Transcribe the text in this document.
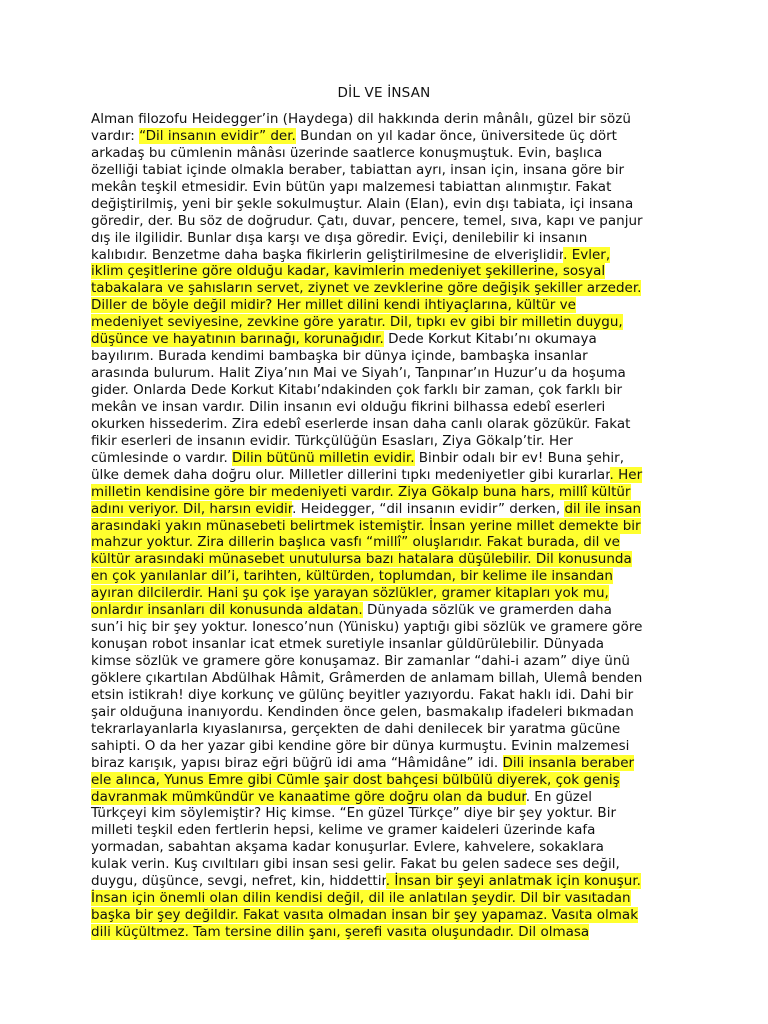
DİL VE İNSAN
Alman filozofu Heidegger’in (Haydega) dil hakkında derin mânâlı, güzel bir sözü
vardır: “Dil insanın evidir” der. Bundan on yıl kadar önce, üniversitede üç dört
arkadaş bu cümlenin mânâsı üzerinde saatlerce konuşmuştuk. Evin, başlıca
özelliği tabiat içinde olmakla beraber, tabiattan ayrı, insan için, insana göre bir
mekân teşkil etmesidir. Evin bütün yapı malzemesi tabiattan alınmıştır. Fakat
değiştirilmiş, yeni bir şekle sokulmuştur. Alain (Elan), evin dışı tabiata, içi insana
göredir, der. Bu söz de doğrudur. Çatı, duvar, pencere, temel, sıva, kapı ve panjur
dış ile ilgilidir. Bunlar dışa karşı ve dışa göredir. Eviçi, denilebilir ki insanın
kalıbıdır. Benzetme daha başka fikirlerin geliştirilmesine de elverişlidir. Evler,
iklim çeşitlerine göre olduğu kadar, kavimlerin medeniyet şekillerine, sosyal
tabakalara ve şahısların servet, ziynet ve zevklerine göre değişik şekiller arzeder.
Diller de böyle değil midir? Her millet dilini kendi ihtiyaçlarına, kültür ve
medeniyet seviyesine, zevkine göre yaratır. Dil, tıpkı ev gibi bir milletin duygu,
düşünce ve hayatının barınağı, korunağıdır. Dede Korkut Kitabı’nı okumaya
bayılırım. Burada kendimi bambaşka bir dünya içinde, bambaşka insanlar
arasında bulurum. Halit Ziya’nın Mai ve Siyah’ı, Tanpınar’ın Huzur’u da hoşuma
gider. Onlarda Dede Korkut Kitabı’ndakinden çok farklı bir zaman, çok farklı bir
mekân ve insan vardır. Dilin insanın evi olduğu fikrini bilhassa edebî eserleri
okurken hissederim. Zira edebî eserlerde insan daha canlı olarak gözükür. Fakat
fikir eserleri de insanın evidir. Türkçülüğün Esasları, Ziya Gökalp’tir. Her
cümlesinde o vardır. Dilin bütünü milletin evidir. Binbir odalı bir ev! Buna şehir,
ülke demek daha doğru olur. Milletler dillerini tıpkı medeniyetler gibi kurarlar. Her
milletin kendisine göre bir medeniyeti vardır. Ziya Gökalp buna hars, millî kültür
adını veriyor. Dil, harsın evidir. Heidegger, “dil insanın evidir” derken, dil ile insan
arasındaki yakın münasebeti belirtmek istemiştir. İnsan yerine millet demekte bir
mahzur yoktur. Zira dillerin başlıca vasfı “millî” oluşlarıdır. Fakat burada, dil ve
kültür arasındaki münasebet unutulursa bazı hatalara düşülebilir. Dil konusunda
en çok yanılanlar dil’i, tarihten, kültürden, toplumdan, bir kelime ile insandan
ayıran dilcilerdir. Hani şu çok işe yarayan sözlükler, gramer kitapları yok mu,
onlardır insanları dil konusunda aldatan. Dünyada sözlük ve gramerden daha
sun’i hiç bir şey yoktur. Ionesco’nun (Yünisku) yaptığı gibi sözlük ve gramere göre
konuşan robot insanlar icat etmek suretiyle insanlar güldürülebilir. Dünyada
kimse sözlük ve gramere göre konuşamaz. Bir zamanlar “dahi-i azam” diye ünü
göklere çıkartılan Abdülhak Hâmit, Grâmerden de anlamam billah, Ulemâ benden
etsin istikrah! diye korkunç ve gülünç beyitler yazıyordu. Fakat haklı idi. Dahi bir
şair olduğuna inanıyordu. Kendinden önce gelen, basmakalıp ifadeleri bıkmadan
tekrarlayanlarla kıyaslanırsa, gerçekten de dahi denilecek bir yaratma gücüne
sahipti. O da her yazar gibi kendine göre bir dünya kurmuştu. Evinin malzemesi
biraz karışık, yapısı biraz eğri büğrü idi ama “Hâmidâne” idi. Dili insanla beraber
ele alınca, Yunus Emre gibi Cümle şair dost bahçesi bülbülü diyerek, çok geniş
davranmak mümkündür ve kanaatime göre doğru olan da budur. En güzel
Türkçeyi kim söylemiştir? Hiç kimse. “En güzel Türkçe” diye bir şey yoktur. Bir
milleti teşkil eden fertlerin hepsi, kelime ve gramer kaideleri üzerinde kafa
yormadan, sabahtan akşama kadar konuşurlar. Evlere, kahvelere, sokaklara
kulak verin. Kuş cıvıltıları gibi insan sesi gelir. Fakat bu gelen sadece ses değil,
duygu, düşünce, sevgi, nefret, kin, hiddettir. İnsan bir şeyi anlatmak için konuşur.
İnsan için önemli olan dilin kendisi değil, dil ile anlatılan şeydir. Dil bir vasıtadan
başka bir şey değildir. Fakat vasıta olmadan insan bir şey yapamaz. Vasıta olmak
dili küçültmez. Tam tersine dilin şanı, şerefi vasıta oluşundadır. Dil olmasa
